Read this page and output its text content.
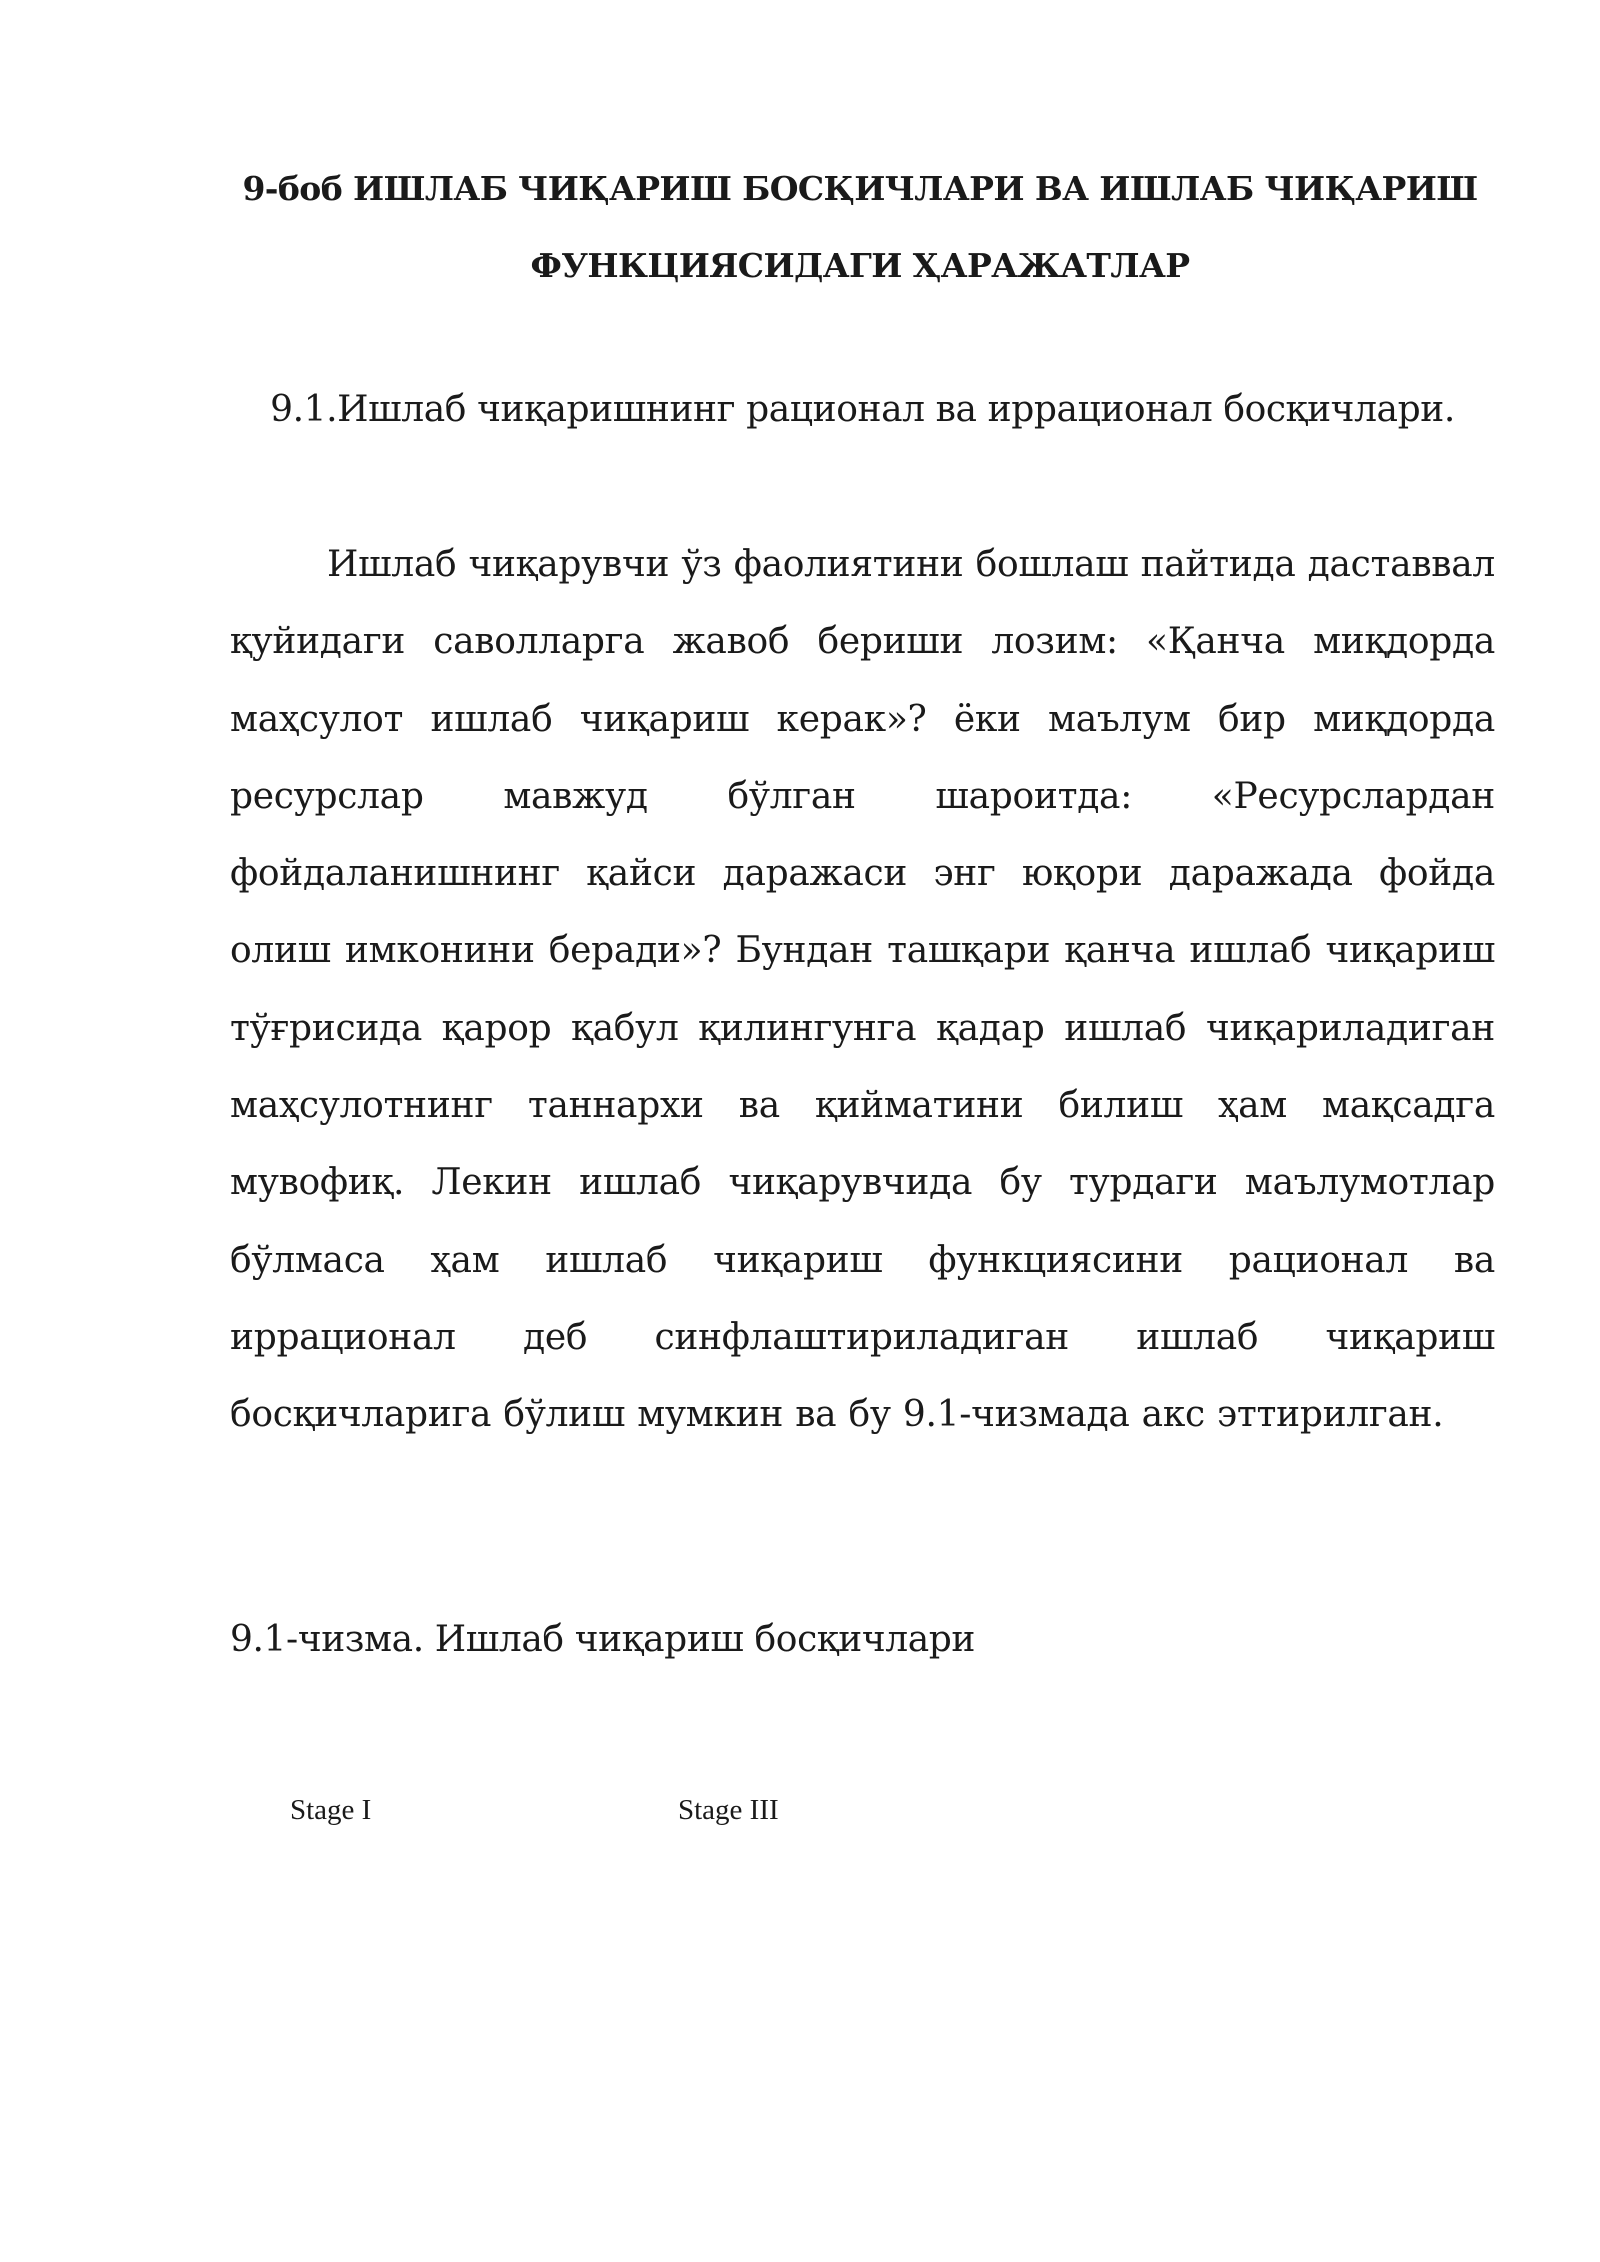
9-боб ИШЛАБ ЧИҚАРИШ БОСҚИЧЛАРИ ВА ИШЛАБ ЧИҚАРИШ ФУНКЦИЯСИДАГИ ҲАРАЖАТЛАР
9.1.Ишлаб чиқаришнинг рационал ва иррационал босқичлари.

Ишлаб чиқарувчи ўз фаолиятини бошлаш пайтида даставвал қуйидаги саволларга жавоб бериши лозим: «Қанча миқдорда маҳсулот ишлаб чиқариш керак»? ёки маълум бир миқдорда ресурслар мавжуд бўлган шароитда: «Ресурслардан фойдаланишнинг қайси даражаси энг юқори даражада фойда олиш имконини беради»? Бундан ташқари қанча ишлаб чиқариш тўғрисида қарор қабул қилингунга қадар ишлаб чиқариладиган маҳсулотнинг таннархи ва қийматини билиш ҳам мақсадга мувофиқ. Лекин ишлаб чиқарувчида бу турдаги маълумотлар бўлмаса ҳам ишлаб чиқариш функциясини рационал ва иррационал деб синфлаштириладиган ишлаб чиқариш босқичларига бўлиш мумкин ва бу 9.1-чизмада акс эттирилган.

9.1-чизма. Ишлаб чиқариш босқичлари

Stage I	Stage III
